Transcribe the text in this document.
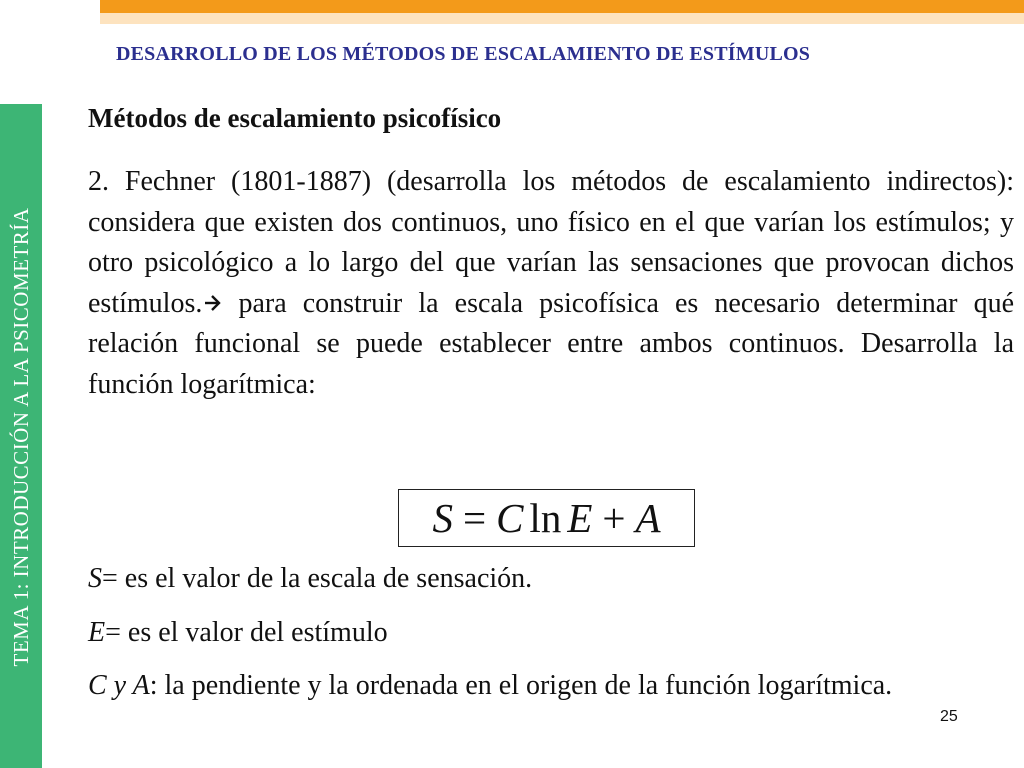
TEMA 1: INTRODUCCIÓN A LA PSICOMETRÍA
DESARROLLO DE LOS MÉTODOS DE ESCALAMIENTO DE ESTÍMULOS
Métodos de escalamiento psicofísico
2. Fechner (1801-1887) (desarrolla los métodos de escalamiento indirectos): considera que existen dos continuos, uno físico en el que varían los estímulos; y otro psicológico a lo largo del que varían las sensaciones que provocan dichos estímulos. para construir la escala psicofísica es necesario determinar qué relación funcional se puede establecer entre ambos continuos. Desarrolla la función logarítmica:
S = C ln E + A
S= es el valor de la escala de sensación.
E= es el valor del estímulo
C y A: la pendiente y la ordenada en el origen de la función logarítmica.
25
